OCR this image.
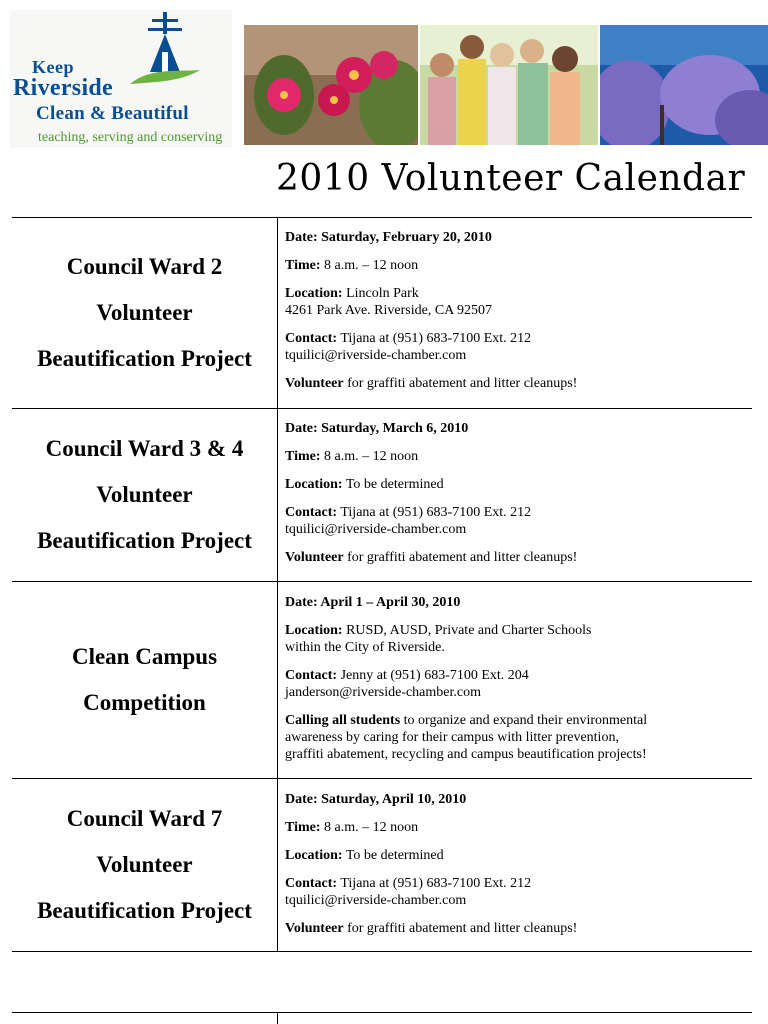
Keep
Riverside
Clean & Beautiful
teaching, serving and conserving
2010 Volunteer Calendar
Council Ward 2
Volunteer
Beautification Project

Date: Saturday, February 20, 2010

Time: 8 a.m. – 12 noon

Location: Lincoln Park
4261 Park Ave. Riverside, CA 92507

Contact: Tijana at (951) 683-7100 Ext. 212
tquilici@riverside-chamber.com

Volunteer for graffiti abatement and litter cleanups!

Council Ward 3 & 4
Volunteer
Beautification Project

Date: Saturday, March 6, 2010

Time: 8 a.m. – 12 noon

Location: To be determined

Contact: Tijana at (951) 683-7100 Ext. 212
tquilici@riverside-chamber.com

Volunteer for graffiti abatement and litter cleanups!

Clean Campus
Competition

Date: April 1 – April 30, 2010

Location: RUSD, AUSD, Private and Charter Schools
within the City of Riverside.

Contact: Jenny at (951) 683-7100 Ext. 204
janderson@riverside-chamber.com

Calling all students to organize and expand their environmental
awareness by caring for their campus with litter prevention,
graffiti abatement, recycling and campus beautification projects!

Council Ward 7
Volunteer
Beautification Project

Date: Saturday, April 10, 2010

Time: 8 a.m. – 12 noon

Location: To be determined

Contact: Tijana at (951) 683-7100 Ext. 212
tquilici@riverside-chamber.com

Volunteer for graffiti abatement and litter cleanups!
